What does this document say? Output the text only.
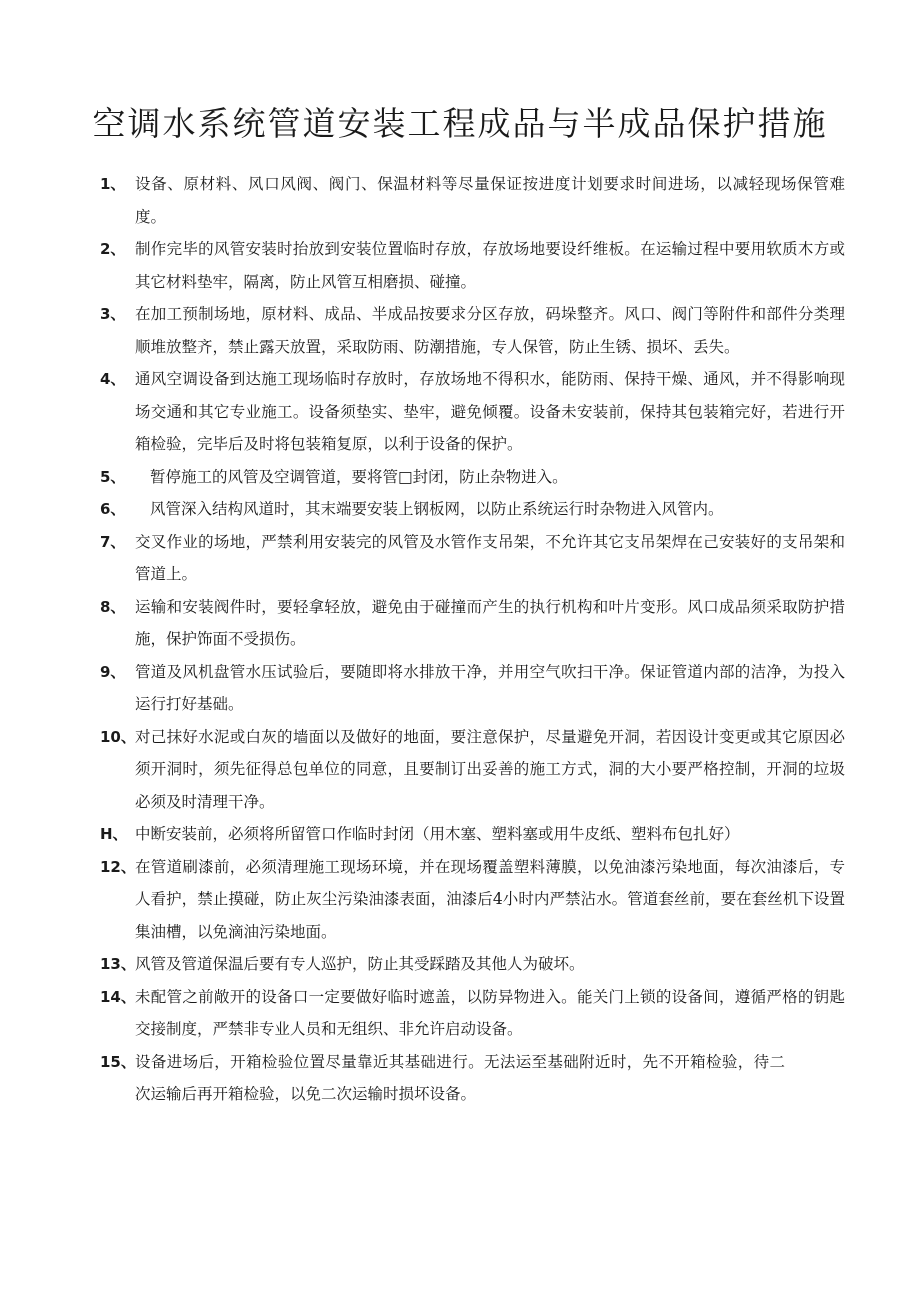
空调水系统管道安装工程成品与半成品保护措施
1、 设备、原材料、风口风阀、阀门、保温材料等尽量保证按进度计划要求时间进场，以减轻现场保管难度。
2、 制作完毕的风管安装时抬放到安装位置临时存放，存放场地要设纤维板。在运输过程中要用软质木方或其它材料垫牢，隔离，防止风管互相磨损、碰撞。
3、 在加工预制场地，原材料、成品、半成品按要求分区存放，码垛整齐。风口、阀门等附件和部件分类理顺堆放整齐，禁止露天放置，采取防雨、防潮措施，专人保管，防止生锈、损坏、丢失。
4、 通风空调设备到达施工现场临时存放时，存放场地不得积水，能防雨、保持干燥、通风，并不得影响现场交通和其它专业施工。设备须垫实、垫牢，避免倾覆。设备未安装前，保持其包装箱完好，若进行开箱检验，完毕后及时将包装箱复原，以利于设备的保护。
5、	暂停施工的风管及空调管道，要将管□封闭，防止杂物进入。
6、	风管深入结构风道时，其末端要安装上钢板网，以防止系统运行时杂物进入风管内。
7、 交叉作业的场地，严禁利用安装完的风管及水管作支吊架，不允许其它支吊架焊在己安装好的支吊架和管道上。
8、 运输和安装阀件时，要轻拿轻放，避免由于碰撞而产生的执行机构和叶片变形。风口成品须采取防护措施，保护饰面不受损伤。
9、 管道及风机盘管水压试验后，要随即将水排放干净，并用空气吹扫干净。保证管道内部的洁净，为投入运行打好基础。
10、 对己抹好水泥或白灰的墙面以及做好的地面，要注意保护，尽量避免开洞，若因设计变更或其它原因必须开洞时，须先征得总包单位的同意，且要制订出妥善的施工方式，洞的大小要严格控制，开洞的垃圾必须及时清理干净。
H、 中断安装前，必须将所留管口作临时封闭（用木塞、塑料塞或用牛皮纸、塑料布包扎好）
12、 在管道刷漆前，必须清理施工现场环境，并在现场覆盖塑料薄膜，以免油漆污染地面，每次油漆后，专人看护，禁止摸碰，防止灰尘污染油漆表面，油漆后4小时内严禁沾水。管道套丝前，要在套丝机下设置集油槽，以免滴油污染地面。
13、 风管及管道保温后要有专人巡护，防止其受踩踏及其他人为破坏。
14、 未配管之前敞开的设备口一定要做好临时遮盖，以防异物进入。能关门上锁的设备间，遵循严格的钥匙交接制度，严禁非专业人员和无组织、非允许启动设备。
15、 设备进场后，开箱检验位置尽量靠近其基础进行。无法运至基础附近时，先不开箱检验，待二次运输后再开箱检验，以免二次运输时损坏设备。
